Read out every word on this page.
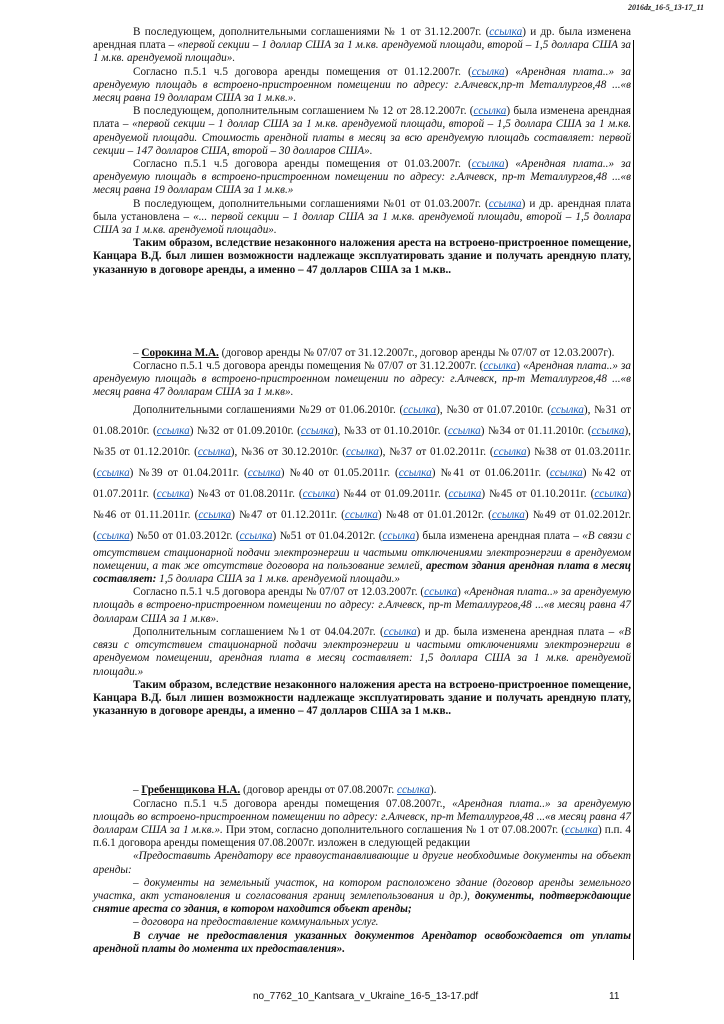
2016dz_16-5_13-17_11

В последующем, дополнительными соглашениями № 1 от 31.12.2007г. (ссылка) и др. была изменена арендная плата – «первой секции – 1 доллар США за 1 м.кв. арендуемой площади, второй – 1,5 доллара США за 1 м.кв. арендуемой площади».

Согласно п.5.1 ч.5 договора аренды помещения от 01.12.2007г. (ссылка) «Арендная плата..» за арендуемую площадь в встроено-пристроенном помещении по адресу: г.Алчевск,пр-т Металлургов,48 ...«в месяц равна 19 долларам США за 1 м.кв.».

В последующем, дополнительным соглашением № 12 от 28.12.2007г. (ссылка) была изменена арендная плата – «первой секции – 1 доллар США за 1 м.кв. арендуемой площади, второй – 1,5 доллара США за 1 м.кв. арендуемой площади. Стоимость арендной платы в месяц за всю арендуемую площадь составляет: первой секции – 147 долларов США, второй – 30 долларов США».

Согласно п.5.1 ч.5 договора аренды помещения от 01.03.2007г. (ссылка) «Арендная плата..» за арендуемую площадь в встроено-пристроенном помещении по адресу: г.Алчевск, пр-т Металлургов,48 ...«в месяц равна 19 долларам США за 1 м.кв.»

В последующем, дополнительными соглашениями №01 от 01.03.2007г. (ссылка) и др. арендная плата была установлена – «... первой секции – 1 доллар США за 1 м.кв. арендуемой площади, второй – 1,5 доллара США за 1 м.кв. арендуемой площади».

Таким образом, вследствие незаконного наложения ареста на встроено-пристроенное помещение, Канцара В.Д. был лишен возможности надлежаще эксплуатировать здание и получать арендную плату, указанную в договоре аренды, а именно – 47 долларов США за 1 м.кв..

– Сорокина М.А. (договор аренды № 07/07 от 31.12.2007г., договор аренды № 07/07 от 12.03.2007г).

Согласно п.5.1 ч.5 договора аренды помещения № 07/07 от 31.12.2007г. (ссылка) «Арендная плата..» за арендуемую площадь в встроено-пристроенном помещении по адресу: г.Алчевск, пр-т Металлургов,48 ...«в месяц равна 47 долларам США за 1 м.кв».

Дополнительными соглашениями №29 от 01.06.2010г. (ссылка), №30 от 01.07.2010г. (ссылка), №31 от 01.08.2010г. (ссылка) №32 от 01.09.2010г. (ссылка), №33 от 01.10.2010г. (ссылка) №34 от 01.11.2010г. (ссылка), №35 от 01.12.2010г. (ссылка), №36 от 30.12.2010г. (ссылка), №37 от 01.02.2011г. (ссылка) №38 от 01.03.2011г. (ссылка) №39 от 01.04.2011г. (ссылка) №40 от 01.05.2011г. (ссылка) №41 от 01.06.2011г. (ссылка) №42 от 01.07.2011г. (ссылка) №43 от 01.08.2011г. (ссылка) №44 от 01.09.2011г. (ссылка) №45 от 01.10.2011г. (ссылка) №46 от 01.11.2011г. (ссылка) №47 от 01.12.2011г. (ссылка) №48 от 01.01.2012г. (ссылка) №49 от 01.02.2012г. (ссылка) №50 от 01.03.2012г. (ссылка) №51 от 01.04.2012г. (ссылка) была изменена арендная плата – «В связи с отсутствием стационарной подачи электроэнергии и частыми отключениями электроэнергии в арендуемом помещении, а так же отсутствие договора на пользование землей, арестом здания арендная плата в месяц составляет: 1,5 доллара США за 1 м.кв. арендуемой площади.»

Согласно п.5.1 ч.5 договора аренды № 07/07 от 12.03.2007г. (ссылка) «Арендная плата..» за арендуемую площадь в встроено-пристроенном помещении по адресу: г.Алчевск, пр-т Металлургов,48 ...«в месяц равна 47 долларам США за 1 м.кв».

Дополнительным соглашением №1 от 04.04.207г. (ссылка) и др. была изменена арендная плата – «В связи с отсутствием стационарной подачи электроэнергии и частыми отключениями электроэнергии в арендуемом помещении, арендная плата в месяц составляет: 1,5 доллара США за 1 м.кв. арендуемой площади.»

Таким образом, вследствие незаконного наложения ареста на встроено-пристроенное помещение, Канцара В.Д. был лишен возможности надлежаще эксплуатировать здание и получать арендную плату, указанную в договоре аренды, а именно – 47 долларов США за 1 м.кв..

– Гребенщикова Н.А. (договор аренды от 07.08.2007г. ссылка).

Согласно п.5.1 ч.5 договора аренды помещения 07.08.2007г., «Арендная плата..» за арендуемую площадь во встроено-пристроенном помещении по адресу: г.Алчевск, пр-т Металлургов,48 ...«в месяц равна 47 долларам США за 1 м.кв.». При этом, согласно дополнительного соглашения № 1 от 07.08.2007г. (ссылка) п.п. 4 п.6.1 договора аренды помещения 07.08.2007г. изложен в следующей редакции

«Предоставить Арендатору все правоустанавливающие и другие необходимые документы на объект аренды:

– документы на земельный участок, на котором расположено здание (договор аренды земельного участка, акт установления и согласования границ землепользования и др.), документы, подтверждающие снятие ареста со здания, в котором находится объект аренды;

– договора на предоставление коммунальных услуг.

В случае не предоставления указанных документов Арендатор освобождается от уплаты арендной платы до момента их предоставления».

no_7762_10_Kantsara_v_Ukraine_16-5_13-17.pdf	11
